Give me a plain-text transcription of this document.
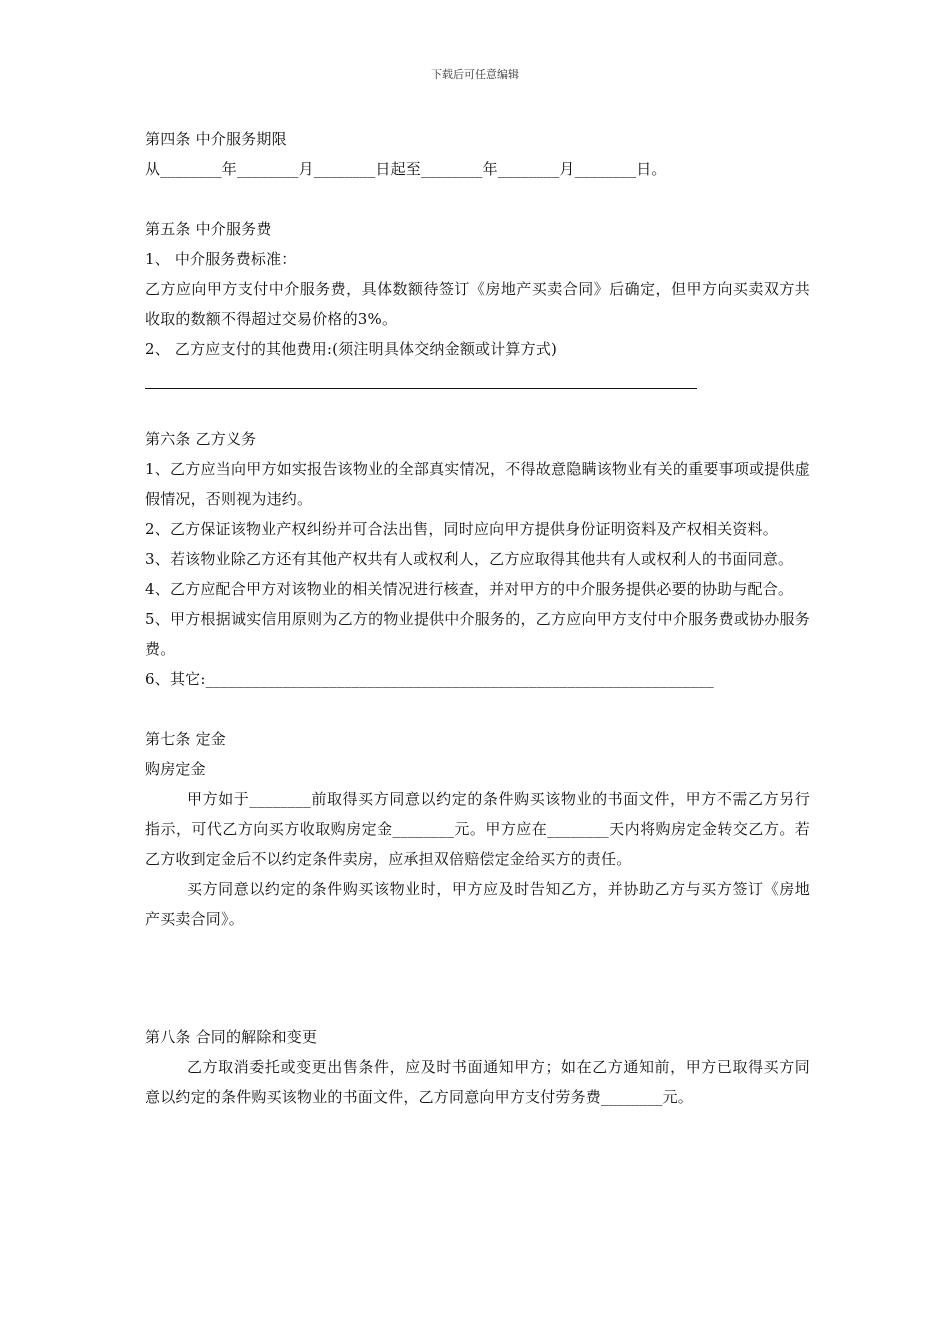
下载后可任意编辑

第四条 中介服务期限

从________年________月________日起至________年________月________日。

第五条 中介服务费

1、 中介服务费标准：

乙方应向甲方支付中介服务费，具体数额待签订《房地产买卖合同》后确定，但甲方向买卖双方共收取的数额不得超过交易价格的3%。

2、 乙方应支付的其他费用:(须注明具体交纳金额或计算方式)

第六条 乙方义务

1、乙方应当向甲方如实报告该物业的全部真实情况，不得故意隐瞒该物业有关的重要事项或提供虚假情况，否则视为违约。

2、乙方保证该物业产权纠纷并可合法出售，同时应向甲方提供身份证明资料及产权相关资料。

3、若该物业除乙方还有其他产权共有人或权利人，乙方应取得其他共有人或权利人的书面同意。

4、乙方应配合甲方对该物业的相关情况进行核查，并对甲方的中介服务提供必要的协助与配合。

5、甲方根据诚实信用原则为乙方的物业提供中介服务的，乙方应向甲方支付中介服务费或协办服务费。

6、其它:__________________________________________________________________

第七条 定金

购房定金

甲方如于________前取得买方同意以约定的条件购买该物业的书面文件，甲方不需乙方另行指示，可代乙方向买方收取购房定金________元。甲方应在________天内将购房定金转交乙方。若乙方收到定金后不以约定条件卖房，应承担双倍赔偿定金给买方的责任。

买方同意以约定的条件购买该物业时，甲方应及时告知乙方，并协助乙方与买方签订《房地产买卖合同》。

第八条 合同的解除和变更

乙方取消委托或变更出售条件，应及时书面通知甲方；如在乙方通知前，甲方已取得买方同意以约定的条件购买该物业的书面文件，乙方同意向甲方支付劳务费________元。
